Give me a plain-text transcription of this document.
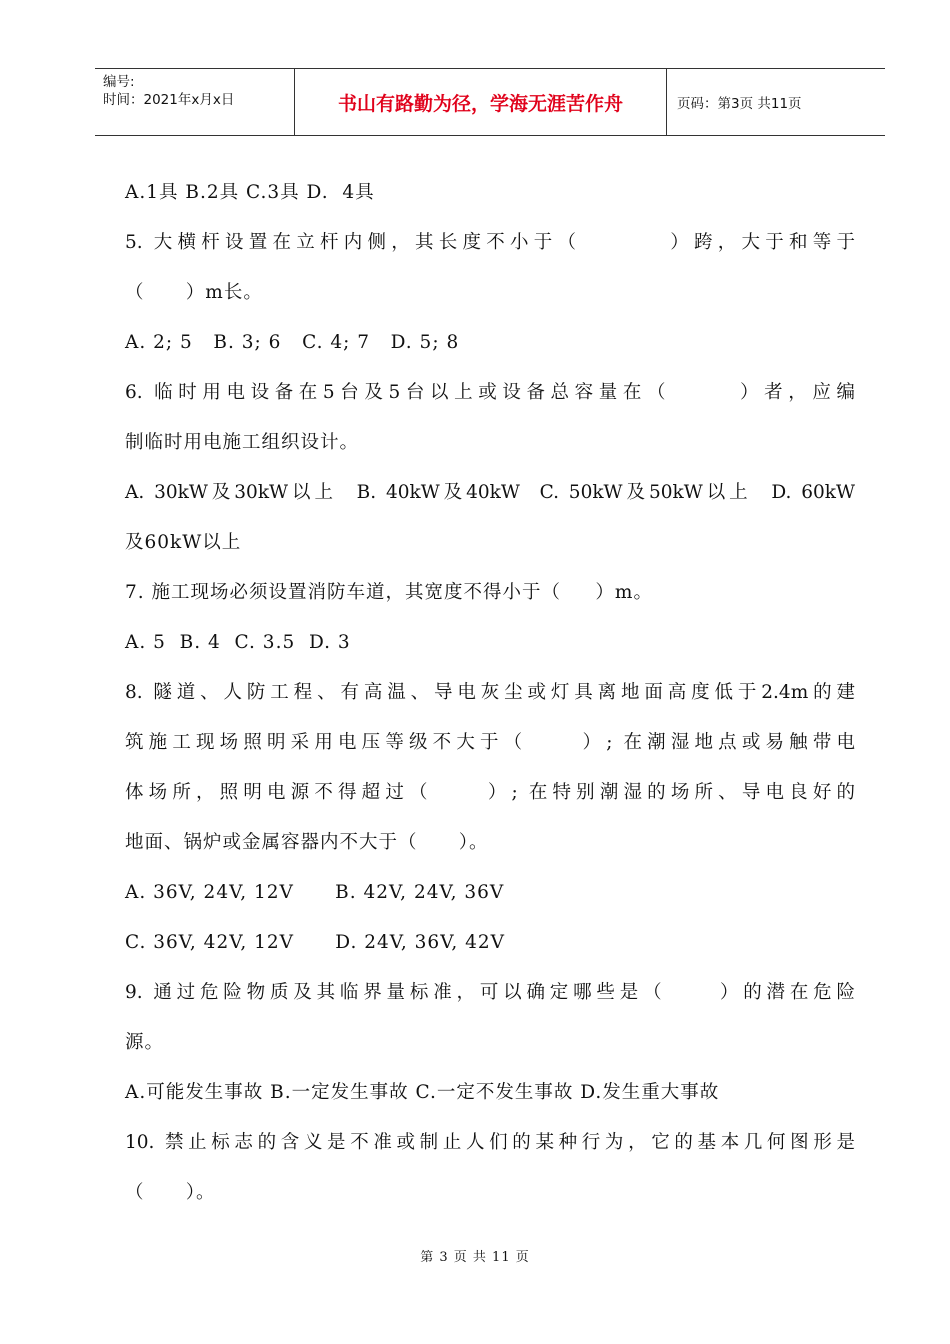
编号:
时间：2021年x月x日	书山有路勤为径，学海无涯苦作舟	页码：第3页 共11页
A.1具 B.2具 C.3具 D.  4具
5. 大横杆设置在立杆内侧，其长度不小于（        ）跨，大于和等于
（      ）m长。
A. 2; 5   B. 3; 6   C. 4; 7   D. 5; 8
6. 临时用电设备在5台及5台以上或设备总容量在（      ）者，应编
制临时用电施工组织设计。
A. 30kW及30kW以上  B. 40kW及40kW  C. 50kW及50kW以上  D. 60kW
及60kW以上
7. 施工现场必须设置消防车道，其宽度不得小于（     ）m。
A. 5  B. 4  C. 3.5  D. 3
8. 隧道、人防工程、有高温、导电灰尘或灯具离地面高度低于2.4m的建
筑施工现场照明采用电压等级不大于（     ）; 在潮湿地点或易触带电
体场所，照明电源不得超过（     ）; 在特别潮湿的场所、导电良好的
地面、锅炉或金属容器内不大于（      ）。
A. 36V, 24V, 12V      B. 42V, 24V, 36V
C. 36V, 42V, 12V      D. 24V, 36V, 42V
9. 通过危险物质及其临界量标准，可以确定哪些是（     ）的潜在危险
源。
A.可能发生事故 B.一定发生事故 C.一定不发生事故 D.发生重大事故
10. 禁止标志的含义是不准或制止人们的某种行为，它的基本几何图形是
（      ）。
第 3 页 共 11 页
